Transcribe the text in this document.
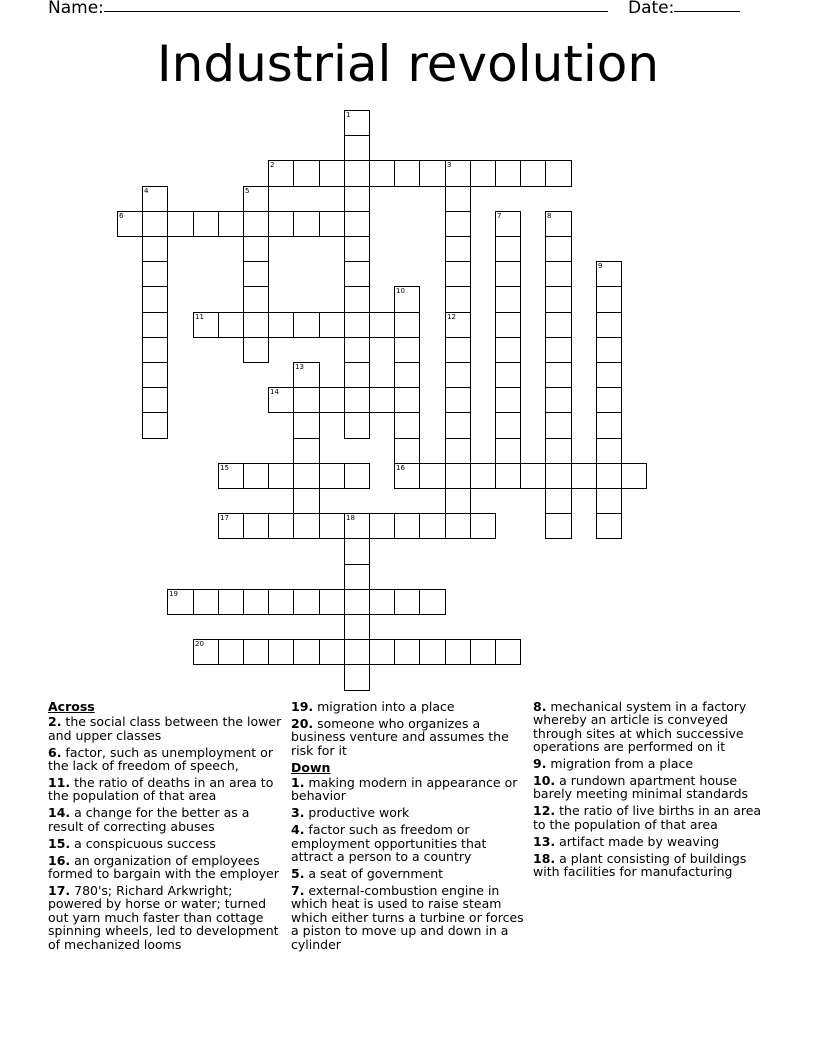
Name:	Date:
Industrial revolution
1
2	3
4	5
6	7	8
9
10
11	12
13
14
15	16
17	18
19
20
Across
2. the social class between the lower and upper classes
6. factor, such as unemployment or the lack of freedom of speech,
11. the ratio of deaths in an area to the population of that area
14. a change for the better as a result of correcting abuses
15. a conspicuous success
16. an organization of employees formed to bargain with the employer
17. 780's; Richard Arkwright; powered by horse or water; turned out yarn much faster than cottage spinning wheels, led to development of mechanized looms
19. migration into a place
20. someone who organizes a business venture and assumes the risk for it
Down
1. making modern in appearance or behavior
3. productive work
4. factor such as freedom or employment opportunities that attract a person to a country
5. a seat of government
7. external-combustion engine in which heat is used to raise steam which either turns a turbine or forces a piston to move up and down in a cylinder
8. mechanical system in a factory whereby an article is conveyed through sites at which successive operations are performed on it
9. migration from a place
10. a rundown apartment house barely meeting minimal standards
12. the ratio of live births in an area to the population of that area
13. artifact made by weaving
18. a plant consisting of buildings with facilities for manufacturing
